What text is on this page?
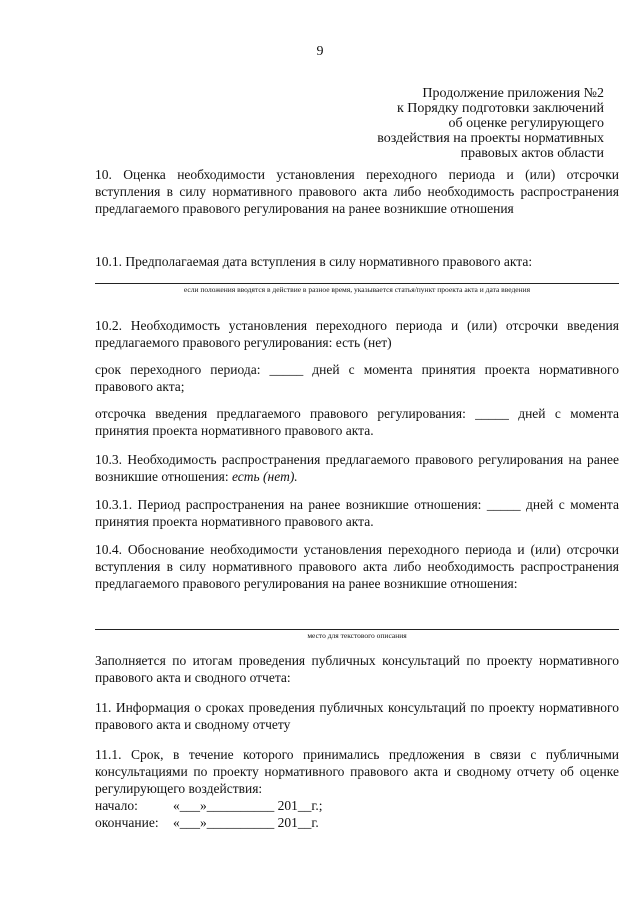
9
Продолжение приложения №2
к Порядку подготовки заключений
об оценке регулирующего
воздействия на проекты нормативных
правовых актов области
10. Оценка необходимости установления переходного периода и (или) отсрочки вступления в силу нормативного правового акта либо необходимость распространения предлагаемого правового регулирования на ранее возникшие отношения
10.1. Предполагаемая дата вступления в силу нормативного правового акта:
если положения вводятся в действие в разное время, указывается статья/пункт проекта акта и дата введения
10.2. Необходимость установления переходного периода и (или) отсрочки введения предлагаемого правового регулирования: есть (нет)
срок переходного периода: _____ дней с момента принятия проекта нормативного правового акта;
отсрочка введения предлагаемого правового регулирования: _____ дней с момента принятия проекта нормативного правового акта.
10.3. Необходимость распространения предлагаемого правового регулирования на ранее возникшие отношения: есть (нет).
10.3.1. Период распространения на ранее возникшие отношения: _____ дней с момента принятия проекта нормативного правового акта.
10.4. Обоснование необходимости установления переходного периода и (или) отсрочки вступления в силу нормативного правового акта либо необходимость распространения предлагаемого правового регулирования на ранее возникшие отношения:
место для текстового описания
Заполняется по итогам проведения публичных консультаций по проекту нормативного правового акта и сводного отчета:
11. Информация о сроках проведения публичных консультаций по проекту нормативного правового акта и сводному отчету
11.1. Срок, в течение которого принимались предложения в связи с публичными консультациями по проекту нормативного правового акта и сводному отчету об оценке регулирующего воздействия:
начало:	«___»__________ 201__г.;
окончание: «___»__________ 201__г.
